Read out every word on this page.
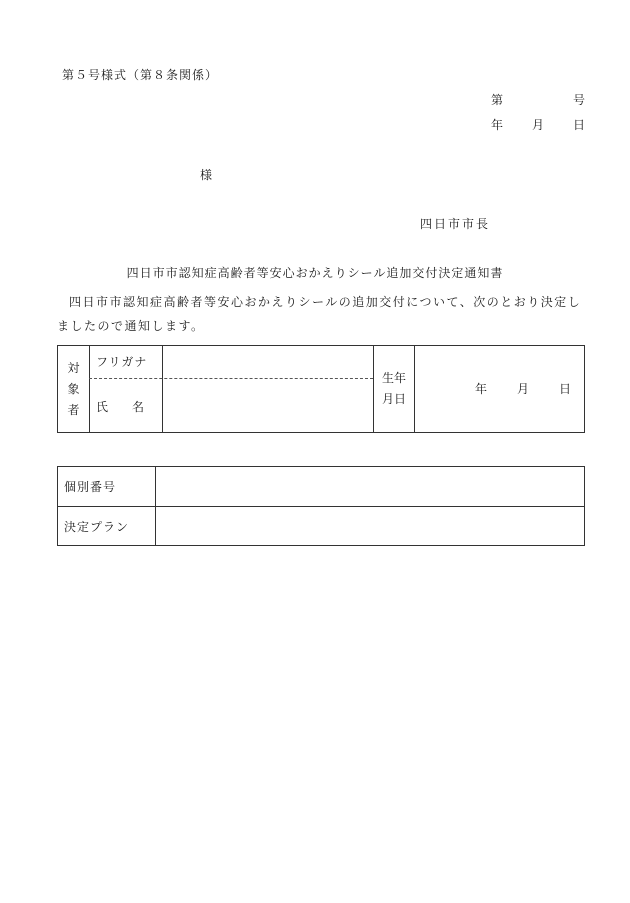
第５号様式（第８条関係）
第	号
年 月 日
様
四日市市長
四日市市認知症高齢者等安心おかえりシール追加交付決定通知書
四日市市認知症高齢者等安心おかえりシールの追加交付について、次のとおり決定しましたので通知します。
対
象
者
フリガナ
氏　　名
生年
月日
年 月 日
個別番号
決定プラン
